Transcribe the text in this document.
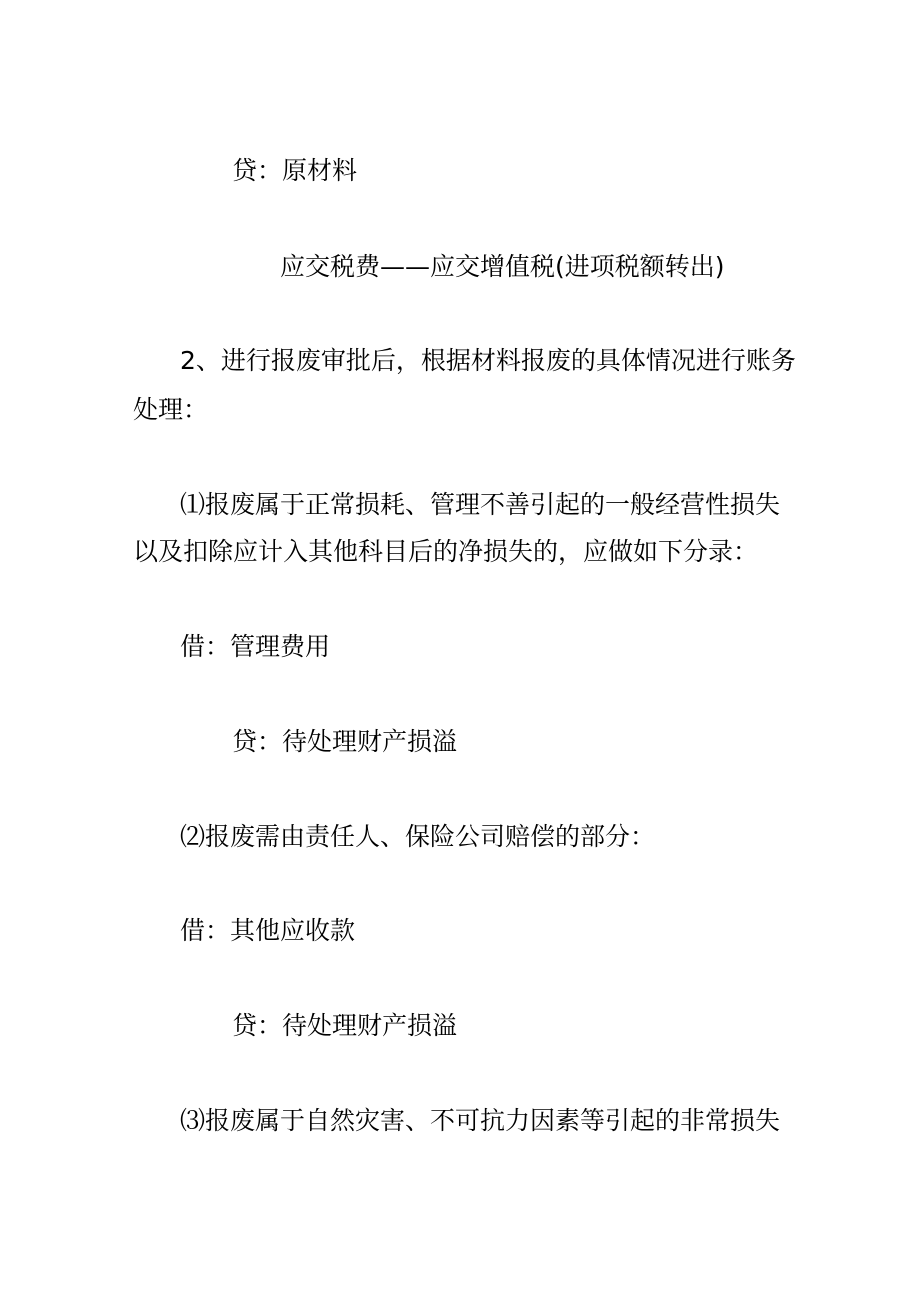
贷：原材料
应交税费——应交增值税(进项税额转出)
2、进行报废审批后，根据材料报废的具体情况进行账务
处理：
⑴报废属于正常损耗、管理不善引起的一般经营性损失
以及扣除应计入其他科目后的净损失的，应做如下分录：
借：管理费用
贷：待处理财产损溢
⑵报废需由责任人、保险公司赔偿的部分：
借：其他应收款
贷：待处理财产损溢
⑶报废属于自然灾害、不可抗力因素等引起的非常损失
